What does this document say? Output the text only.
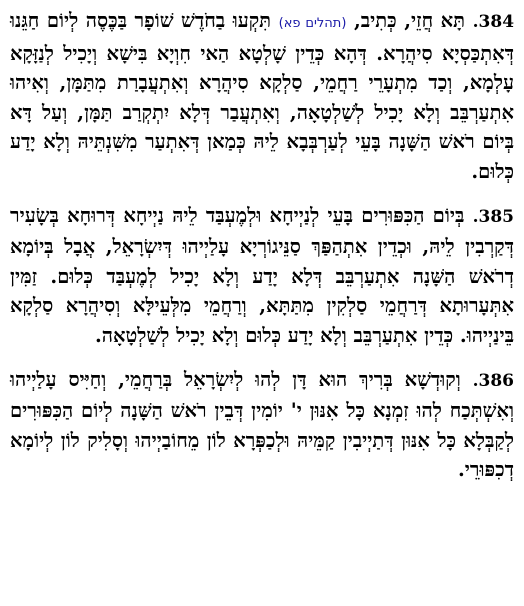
384. תָּא חֲזֵי, כְּתִיב, (תהלים פא) תִּקְעוּ בַחֹדֶשׁ שׁוֹפָר בַּכֶּסֶה לְיוֹם חַגֵּנוּ דְּאִתְכַּסְיָא סִיהֲרָא. דְּהָא כְּדֵין שָׁלְטָא הַאי חִוְיָא בִּישָׁא וְיָכִיל לְנַזָּקָא עָלְמָא, וְכַד מִתְעָרֵי רַחֲמֵי, סַלְקָא סִיהֲרָא וְאִתְעֲבָרַת מִתַּמָּן, וְאִיהוּ אִתְעַרְבֵּב וְלָא יָכִיל לְשַׁלְטָאָה, וְאִתְעֲבַר דְּלָא יִתְקְרַב תַּמָּן, וְעַל דָּא בְּיוֹם רֹאשׁ הַשָּׁנָה בָּעֵי לְעַרְבְּבָא לֵיהּ כְּמַאן דְּאִתְעַר מִשִּׁנְתֵּיהּ וְלָא יָדַע כְּלוּם.

385. בְּיוֹם הַכִּפּוּרִים בָּעֵי לְנַיְיחָא וּלְמֶעְבַּד לֵיהּ נַיְיחָא דְּרוּחָא בְּשָׂעִיר דְּקַרְבִין לֵיהּ, וּכְדֵין אִתְהַפַּךְ סַנֵּיגוֹרְיָא עָלַיְיהוּ דְּיִשְׂרָאֵל, אֲבָל בְּיוֹמָא דְרֹאשׁ הַשָּׁנָה אִתְעַרְבֵּב דְּלָא יָדַע וְלָא יָכִיל לְמֶעְבַּד כְּלוּם. זַמִּין אִתְּעָרוּתָא דְּרַחֲמֵי סַלְקִין מִתַּתָּא, וְרַחֲמֵי מִלְּעֵילָּא וְסִיהֲרָא סַלְקָא בֵּינַיְיהוּ. כְּדֵין אִתְעַרְבֵּב וְלָא יָדַע כְּלוּם וְלָא יָכִיל לְשַׁלְטָאָה.

386. וְקוּדְשָׁא בְּרִיךְ הוּא דָּן לְהוּ לְיִשְׂרָאֵל בְּרַחֲמֵי, וְחַיִּיס עָלַיְיהוּ וְאִשְׁתְּכַח לְהוּ זִמְנָא כָּל אִנּוּן י' יוֹמִין דְּבֵין רֹאשׁ הַשָּׁנָה לְיוֹם הַכִּפּוּרִים לְקַבְּלָא כָּל אִנּוּן דְּתַיְיבִין קַמֵּיהּ וּלְכַפְּרָא לוֹן מֵחוֹבַיְיהוּ וְסָלִיק לוֹן לְיוֹמָא דְכִפּוּרֵי.
